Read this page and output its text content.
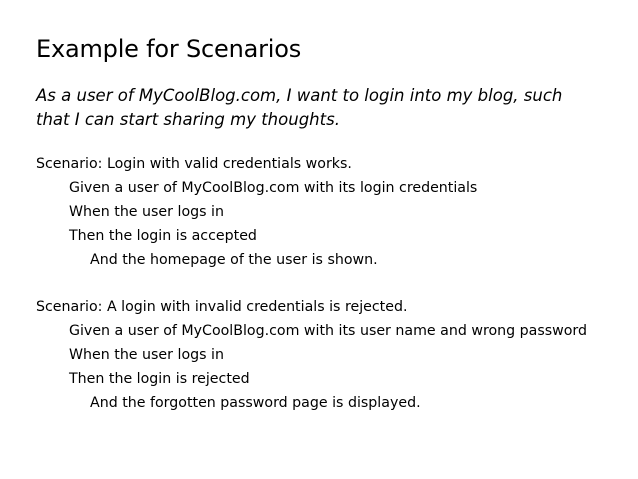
Example for Scenarios
As a user of MyCoolBlog.com, I want to login into my blog, such
that I can start sharing my thoughts.
Scenario: Login with valid credentials works.
Given a user of MyCoolBlog.com with its login credentials
When the user logs in
Then the login is accepted
And the homepage of the user is shown.
Scenario: A login with invalid credentials is rejected.
Given a user of MyCoolBlog.com with its user name and wrong password
When the user logs in
Then the login is rejected
And the forgotten password page is displayed.
